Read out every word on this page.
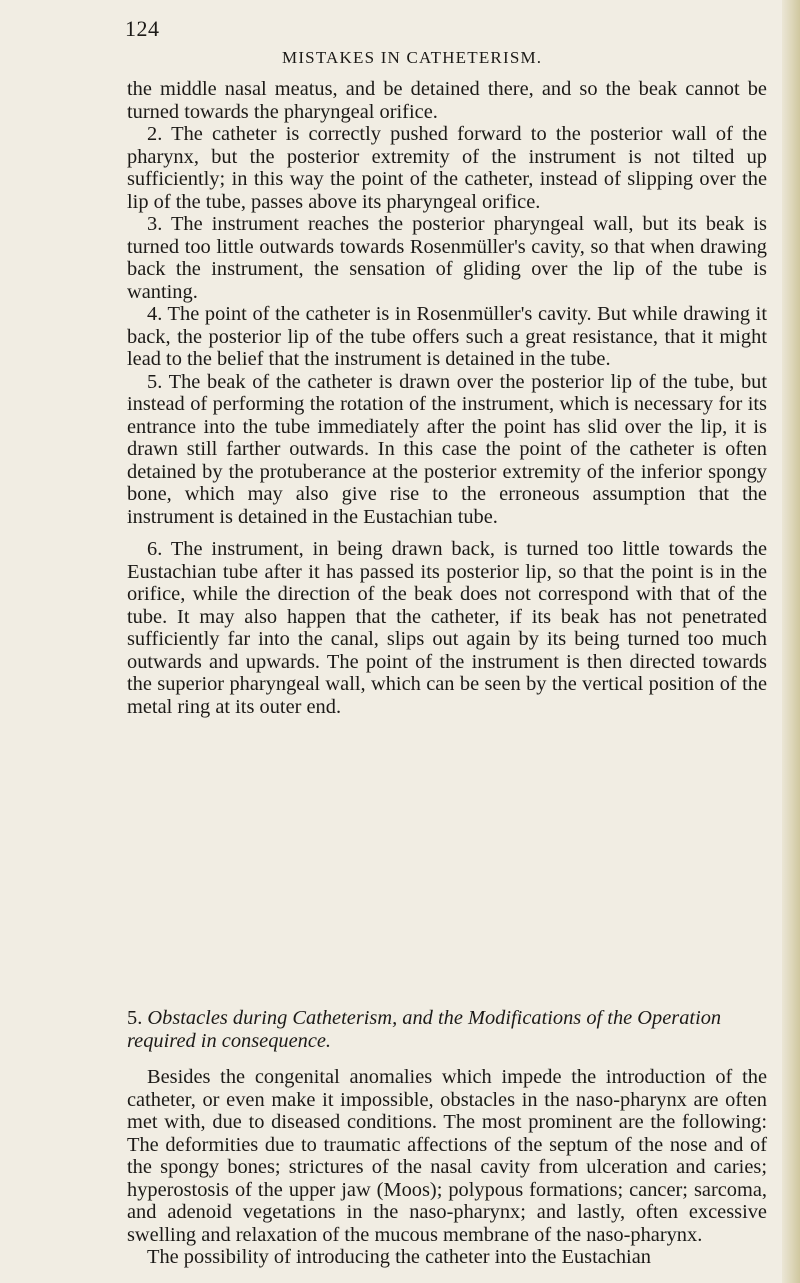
124
MISTAKES IN CATHETERISM.

the middle nasal meatus, and be detained there, and so the beak cannot be turned towards the pharyngeal orifice.

2. The catheter is correctly pushed forward to the posterior wall of the pharynx, but the posterior extremity of the instrument is not tilted up sufficiently; in this way the point of the catheter, instead of slipping over the lip of the tube, passes above its pharyngeal orifice.

3. The instrument reaches the posterior pharyngeal wall, but its beak is turned too little outwards towards Rosenmüller's cavity, so that when drawing back the instrument, the sensation of gliding over the lip of the tube is wanting.

4. The point of the catheter is in Rosenmüller's cavity. But while drawing it back, the posterior lip of the tube offers such a great resistance, that it might lead to the belief that the instrument is detained in the tube.

5. The beak of the catheter is drawn over the posterior lip of the tube, but instead of performing the rotation of the instrument, which is necessary for its entrance into the tube immediately after the point has slid over the lip, it is drawn still farther outwards. In this case the point of the catheter is often detained by the protuberance at the posterior extremity of the inferior spongy bone, which may also give rise to the erroneous assumption that the instrument is detained in the Eustachian tube.

6. The instrument, in being drawn back, is turned too little towards the Eustachian tube after it has passed its posterior lip, so that the point is in the orifice, while the direction of the beak does not correspond with that of the tube. It may also happen that the catheter, if its beak has not penetrated sufficiently far into the canal, slips out again by its being turned too much outwards and upwards. The point of the instrument is then directed towards the superior pharyngeal wall, which can be seen by the vertical position of the metal ring at its outer end.

5. Obstacles during Catheterism, and the Modifications of the Operation required in consequence.

Besides the congenital anomalies which impede the introduction of the catheter, or even make it impossible, obstacles in the naso-pharynx are often met with, due to diseased conditions. The most prominent are the following: The deformities due to traumatic affections of the septum of the nose and of the spongy bones; strictures of the nasal cavity from ulceration and caries; hyperostosis of the upper jaw (Moos); polypous formations; cancer; sarcoma, and adenoid vegetations in the naso-pharynx; and lastly, often excessive swelling and relaxation of the mucous membrane of the naso-pharynx.

The possibility of introducing the catheter into the Eustachian
